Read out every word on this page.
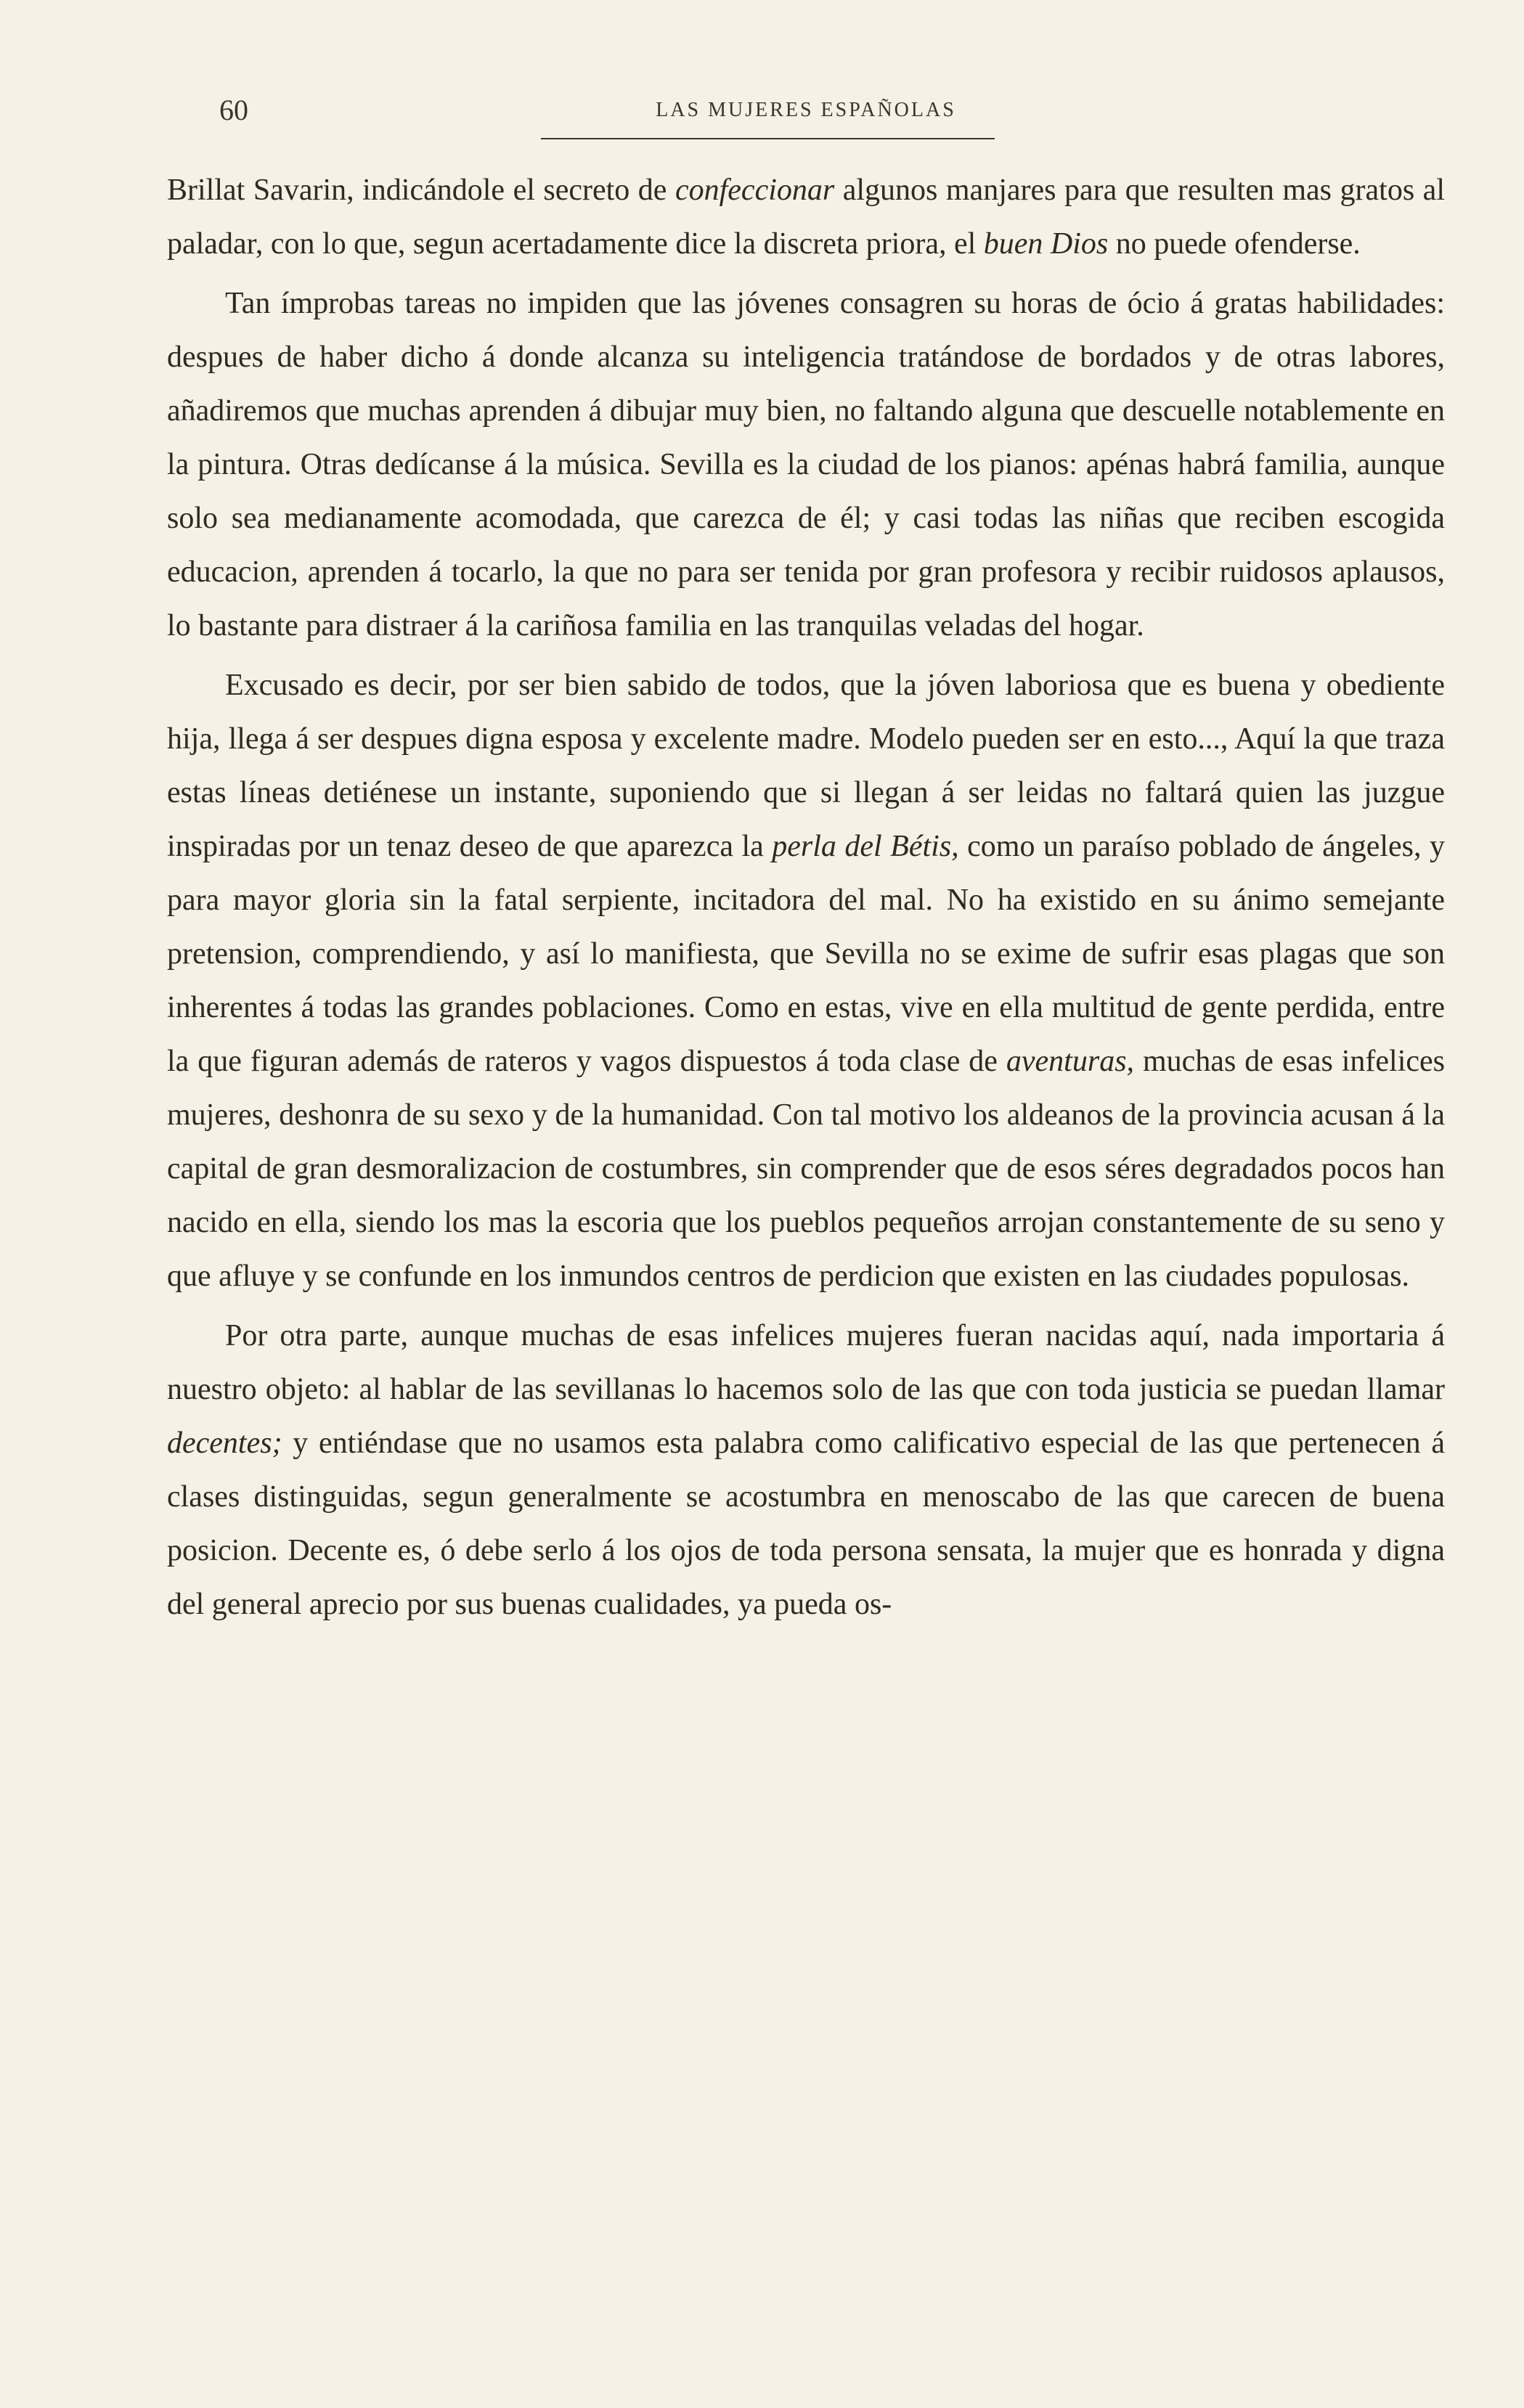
60	LAS MUJERES ESPAÑOLAS

Brillat Savarin, indicándole el secreto de confeccionar algunos manjares para que resulten mas gratos al paladar, con lo que, segun acertadamente dice la discreta priora, el buen Dios no puede ofenderse.

Tan ímprobas tareas no impiden que las jóvenes consagren su horas de ócio á gratas habilidades: despues de haber dicho á donde alcanza su inteligencia tratándose de bordados y de otras labores, añadiremos que muchas aprenden á dibujar muy bien, no faltando alguna que descuelle notablemente en la pintura. Otras dedícanse á la música. Sevilla es la ciudad de los pianos: apénas habrá familia, aunque solo sea medianamente acomodada, que carezca de él; y casi todas las niñas que reciben escogida educacion, aprenden á tocarlo, la que no para ser tenida por gran profesora y recibir ruidosos aplausos, lo bastante para distraer á la cariñosa familia en las tranquilas veladas del hogar.

Excusado es decir, por ser bien sabido de todos, que la jóven laboriosa que es buena y obediente hija, llega á ser despues digna esposa y excelente madre. Modelo pueden ser en esto..., Aquí la que traza estas líneas detiénese un instante, suponiendo que si llegan á ser leidas no faltará quien las juzgue inspiradas por un tenaz deseo de que aparezca la perla del Bétis, como un paraíso poblado de ángeles, y para mayor gloria sin la fatal serpiente, incitadora del mal. No ha existido en su ánimo semejante pretension, comprendiendo, y así lo manifiesta, que Sevilla no se exime de sufrir esas plagas que son inherentes á todas las grandes poblaciones. Como en estas, vive en ella multitud de gente perdida, entre la que figuran además de rateros y vagos dispuestos á toda clase de aventuras, muchas de esas infelices mujeres, deshonra de su sexo y de la humanidad. Con tal motivo los aldeanos de la provincia acusan á la capital de gran desmoralizacion de costumbres, sin comprender que de esos séres degradados pocos han nacido en ella, siendo los mas la escoria que los pueblos pequeños arrojan constantemente de su seno y que afluye y se confunde en los inmundos centros de perdicion que existen en las ciudades populosas.

Por otra parte, aunque muchas de esas infelices mujeres fueran nacidas aquí, nada importaria á nuestro objeto: al hablar de las sevillanas lo hacemos solo de las que con toda justicia se puedan llamar decentes; y entiéndase que no usamos esta palabra como calificativo especial de las que pertenecen á clases distinguidas, segun generalmente se acostumbra en menoscabo de las que carecen de buena posicion. Decente es, ó debe serlo á los ojos de toda persona sensata, la mujer que es honrada y digna del general aprecio por sus buenas cualidades, ya pueda os-
